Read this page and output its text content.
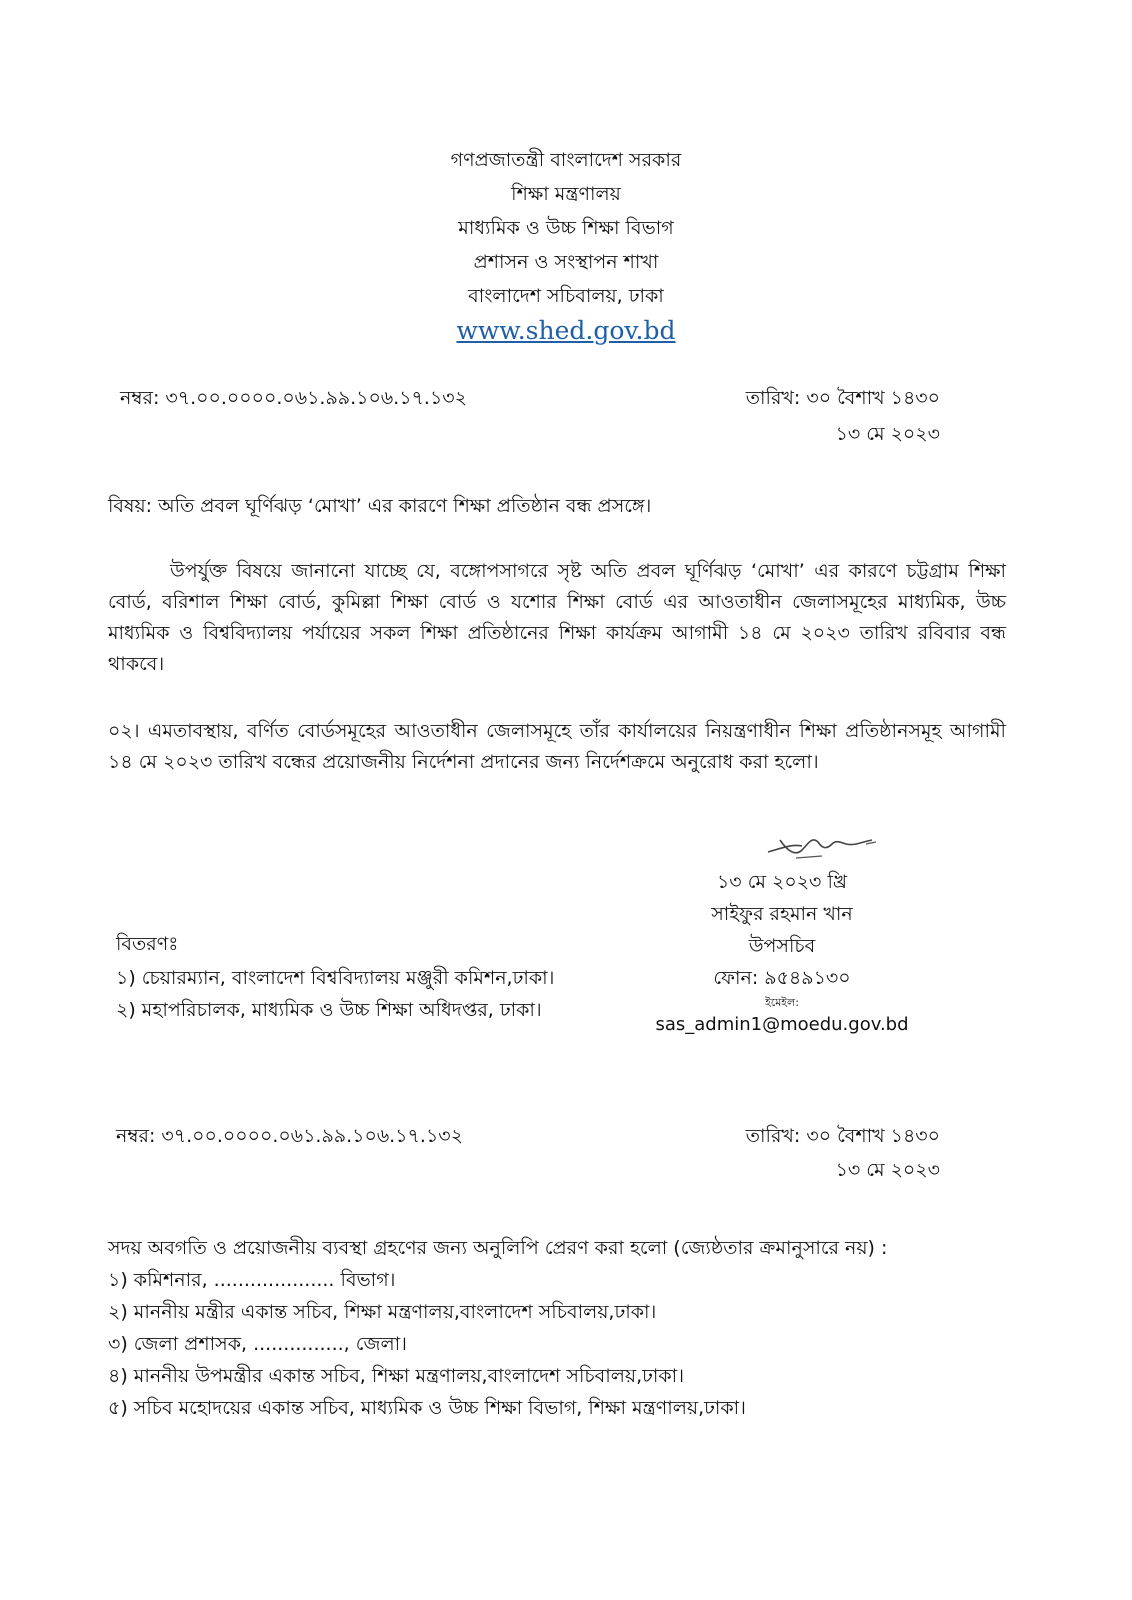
গণপ্রজাতন্ত্রী বাংলাদেশ সরকার
শিক্ষা মন্ত্রণালয়
মাধ্যমিক ও উচ্চ শিক্ষা বিভাগ
প্রশাসন ও সংস্থাপন শাখা
বাংলাদেশ সচিবালয়, ঢাকা
www.shed.gov.bd
নম্বর: ৩৭.০০.০০০০.০৬১.৯৯.১০৬.১৭.১৩২	তারিখ: ৩০ বৈশাখ ১৪৩০
১৩ মে ২০২৩
বিষয়: অতি প্রবল ঘূর্ণিঝড় ‘মোখা’ এর কারণে শিক্ষা প্রতিষ্ঠান বন্ধ প্রসঙ্গে।
উপর্যুক্ত বিষয়ে জানানো যাচ্ছে যে, বঙ্গোপসাগরে সৃষ্ট অতি প্রবল ঘূর্ণিঝড় ‘মোখা’ এর কারণে চট্টগ্রাম শিক্ষা বোর্ড, বরিশাল শিক্ষা বোর্ড, কুমিল্লা শিক্ষা বোর্ড ও যশোর শিক্ষা বোর্ড এর আওতাধীন জেলাসমূহের মাধ্যমিক, উচ্চ মাধ্যমিক ও বিশ্ববিদ্যালয় পর্যায়ের সকল শিক্ষা প্রতিষ্ঠানের শিক্ষা কার্যক্রম আগামী ১৪ মে ২০২৩ তারিখ রবিবার বন্ধ থাকবে।
০২। এমতাবস্থায়, বর্ণিত বোর্ডসমূহের আওতাধীন জেলাসমূহে তাঁর কার্যালয়ের নিয়ন্ত্রণাধীন শিক্ষা প্রতিষ্ঠানসমূহ আগামী ১৪ মে ২০২৩ তারিখ বন্ধের প্রয়োজনীয় নির্দেশনা প্রদানের জন্য নির্দেশক্রমে অনুরোধ করা হলো।
১৩ মে ২০২৩ খ্রি
সাইফুর রহমান খান
উপসচিব
ফোন: ৯৫৪৯১৩০
ইমেইল:
sas_admin1@moedu.gov.bd
বিতরণঃ
১) চেয়ারম্যান, বাংলাদেশ বিশ্ববিদ্যালয় মঞ্জুরী কমিশন,ঢাকা।
২) মহাপরিচালক, মাধ্যমিক ও উচ্চ শিক্ষা অধিদপ্তর, ঢাকা।
নম্বর: ৩৭.০০.০০০০.০৬১.৯৯.১০৬.১৭.১৩২	তারিখ: ৩০ বৈশাখ ১৪৩০
১৩ মে ২০২৩
সদয় অবগতি ও প্রয়োজনীয় ব্যবস্থা গ্রহণের জন্য অনুলিপি প্রেরণ করা হলো (জ্যেষ্ঠতার ক্রমানুসারে নয়) :
১) কমিশনার, .................... বিভাগ।
২) মাননীয় মন্ত্রীর একান্ত সচিব, শিক্ষা মন্ত্রণালয়,বাংলাদেশ সচিবালয়,ঢাকা।
৩) জেলা প্রশাসক, ..............., জেলা।
৪) মাননীয় উপমন্ত্রীর একান্ত সচিব, শিক্ষা মন্ত্রণালয়,বাংলাদেশ সচিবালয়,ঢাকা।
৫) সচিব মহোদয়ের একান্ত সচিব, মাধ্যমিক ও উচ্চ শিক্ষা বিভাগ, শিক্ষা মন্ত্রণালয়,ঢাকা।
